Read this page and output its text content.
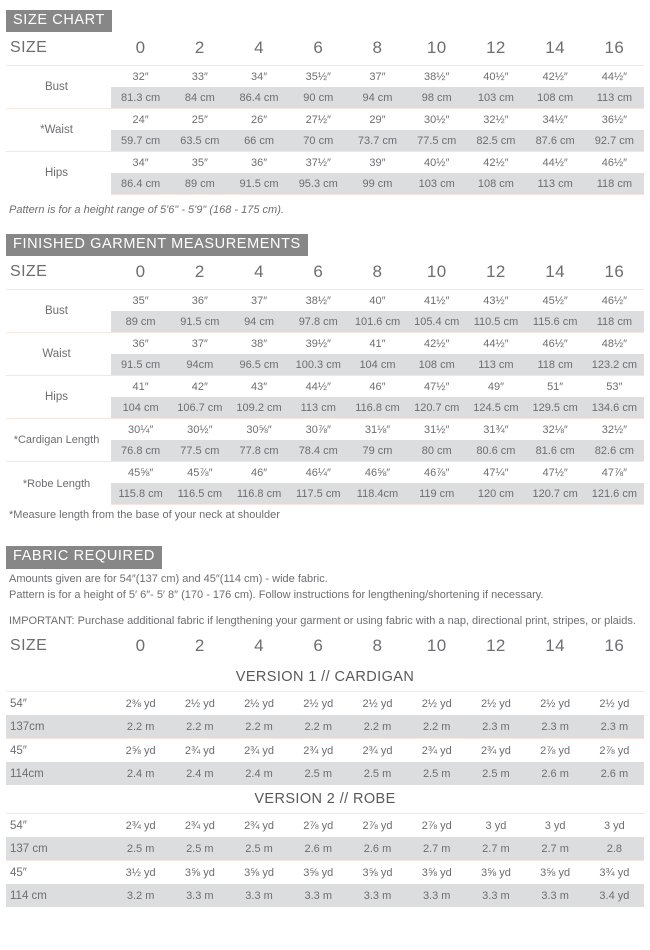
SIZE CHART
SIZE	0	2	4	6	8	10	12	14	16
Bust	32″	33″	34″	35½″	37″	38½″	40½″	42½″	44½″
	81.3 cm	84 cm	86.4 cm	90 cm	94 cm	98 cm	103 cm	108 cm	113 cm
*Waist	24″	25″	26″	27½″	29″	30½″	32½″	34½″	36½″
	59.7 cm	63.5 cm	66 cm	70 cm	73.7 cm	77.5 cm	82.5 cm	87.6 cm	92.7 cm
Hips	34″	35″	36″	37½″	39″	40½″	42½″	44½″	46½″
	86.4 cm	89 cm	91.5 cm	95.3 cm	99 cm	103 cm	108 cm	113 cm	118 cm
Pattern is for a height range of 5'6" - 5'9" (168 - 175 cm).
FINISHED GARMENT MEASUREMENTS
SIZE	0	2	4	6	8	10	12	14	16
Bust	35″	36″	37″	38½″	40″	41½″	43½″	45½″	46½″
	89 cm	91.5 cm	94 cm	97.8 cm	101.6 cm	105.4 cm	110.5 cm	115.6 cm	118 cm
Waist	36″	37″	38″	39½″	41″	42½″	44½″	46½″	48½″
	91.5 cm	94cm	96.5 cm	100.3 cm	104 cm	108 cm	113 cm	118 cm	123.2 cm
Hips	41″	42″	43″	44½″	46″	47½″	49″	51″	53″
	104 cm	106.7 cm	109.2 cm	113 cm	116.8 cm	120.7 cm	124.5 cm	129.5 cm	134.6 cm
*Cardigan Length	30¼″	30½″	30⅝″	30⅞″	31⅛″	31½″	31¾″	32⅛″	32½″
	76.8 cm	77.5 cm	77.8 cm	78.4 cm	79 cm	80 cm	80.6 cm	81.6 cm	82.6 cm
*Robe Length	45⅝″	45⅞″	46″	46¼″	46⅝″	46⅞″	47¼″	47½″	47⅞″
	115.8 cm	116.5 cm	116.8 cm	117.5 cm	118.4cm	119 cm	120 cm	120.7 cm	121.6 cm

*Measure length from the base of your neck at shoulder

FABRIC REQUIRED

Amounts given are for 54″(137 cm) and 45″(114 cm) - wide fabric.

Pattern is for a height of 5′ 6″- 5′ 8″ (170 - 176 cm). Follow instructions for lengthening/shortening if necessary.

IMPORTANT: Purchase additional fabric if lengthening your garment or using fabric with a nap, directional print, stripes, or plaids.

SIZE	0	2	4	6	8	10	12	14	16
VERSION 1 // CARDIGAN									
54″	2⅜ yd	2½ yd	2½ yd	2½ yd	2½ yd	2½ yd	2½ yd	2½ yd	2½ yd
137cm	2.2 m	2.2 m	2.2 m	2.2 m	2.2 m	2.2 m	2.3 m	2.3 m	2.3 m
45″	2⅝ yd	2¾ yd	2¾ yd	2¾ yd	2¾ yd	2¾ yd	2¾ yd	2⅞ yd	2⅞ yd
114cm	2.4 m	2.4 m	2.4 m	2.5 m	2.5 m	2.5 m	2.5 m	2.6 m	2.6 m
VERSION 2 // ROBE									
54″	2¾ yd	2¾ yd	2¾ yd	2⅞ yd	2⅞ yd	2⅞ yd	3 yd	3 yd	3 yd
137 cm	2.5 m	2.5 m	2.5 m	2.6 m	2.6 m	2.7 m	2.7 m	2.7 m	2.8
45″	3½ yd	3⅝ yd	3⅝ yd	3⅝ yd	3⅝ yd	3⅝ yd	3⅝ yd	3⅝ yd	3¾ yd
114 cm	3.2 m	3.3 m	3.3 m	3.3 m	3.3 m	3.3 m	3.3 m	3.3 m	3.4 yd
